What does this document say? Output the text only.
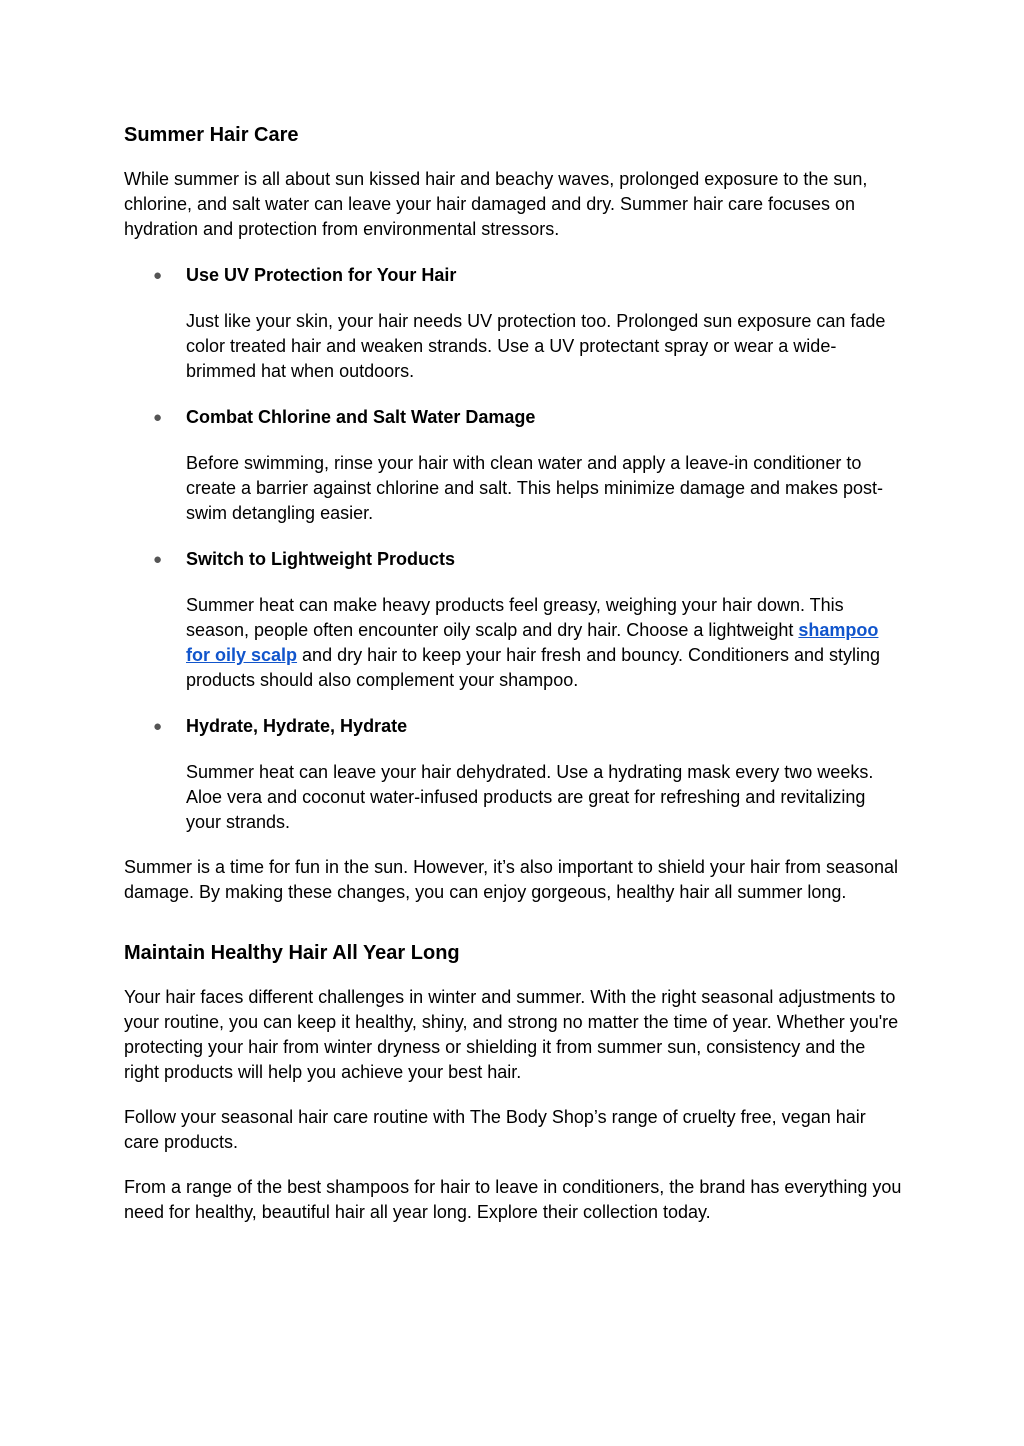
Summer Hair Care

While summer is all about sun kissed hair and beachy waves, prolonged exposure to the sun, chlorine, and salt water can leave your hair damaged and dry. Summer hair care focuses on hydration and protection from environmental stressors.

● Use UV Protection for Your Hair

Just like your skin, your hair needs UV protection too. Prolonged sun exposure can fade color treated hair and weaken strands. Use a UV protectant spray or wear a wide-brimmed hat when outdoors.

● Combat Chlorine and Salt Water Damage

Before swimming, rinse your hair with clean water and apply a leave-in conditioner to create a barrier against chlorine and salt. This helps minimize damage and makes post-swim detangling easier.

● Switch to Lightweight Products

Summer heat can make heavy products feel greasy, weighing your hair down. This season, people often encounter oily scalp and dry hair. Choose a lightweight shampoo for oily scalp and dry hair to keep your hair fresh and bouncy. Conditioners and styling products should also complement your shampoo.

● Hydrate, Hydrate, Hydrate

Summer heat can leave your hair dehydrated. Use a hydrating mask every two weeks. Aloe vera and coconut water-infused products are great for refreshing and revitalizing your strands.

Summer is a time for fun in the sun. However, it’s also important to shield your hair from seasonal damage. By making these changes, you can enjoy gorgeous, healthy hair all summer long.

Maintain Healthy Hair All Year Long

Your hair faces different challenges in winter and summer. With the right seasonal adjustments to your routine, you can keep it healthy, shiny, and strong no matter the time of year. Whether you're protecting your hair from winter dryness or shielding it from summer sun, consistency and the right products will help you achieve your best hair.

Follow your seasonal hair care routine with The Body Shop’s range of cruelty free, vegan hair care products.

From a range of the best shampoos for hair to leave in conditioners, the brand has everything you need for healthy, beautiful hair all year long. Explore their collection today.
